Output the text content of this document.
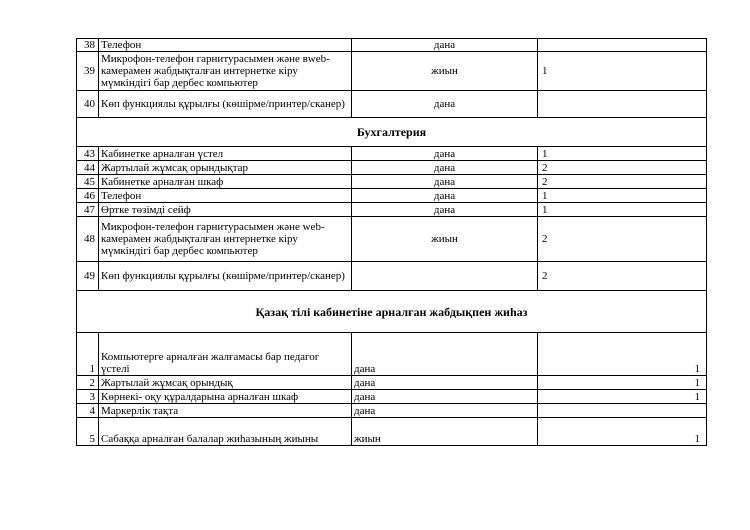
38	Телефон	дана	
39	Микрофон-телефон гарнитурасымен және вweb-камерамен жабдықталған интернетке кіру мүмкіндігі бар дербес компьютер	жиын	1
40	Көп функциялы құрылғы (көшірме/принтер/сканер)	дана	
Бухгалтерия			
43	Кабинетке арналған үстел	дана	1
44	Жартылай жұмсақ орындықтар	дана	2
45	Кабинетке арналған шкаф	дана	2
46	Телефон	дана	1
47	Өртке төзімді сейф	дана	1
48	Микрофон-телефон гарнитурасымен және web-камерамен жабдықталған интернетке кіру мүмкіндігі бар дербес компьютер	жиын	2
49	Көп функциялы құрылғы (көшірме/принтер/сканер)		2
Қазақ тілі кабинетіне арналған жабдықпен жиһаз			
1	Компьютерге арналған жалғамасы бар педагог үстелі	дана	1
2	Жартылай жұмсақ орындық	дана	1
3	Көрнекі- оқу құралдарына арналған шкаф	дана	1
4	Маркерлік тақта	дана	
5	Сабаққа арналған балалар жиһазының жиыны	жиын	1
